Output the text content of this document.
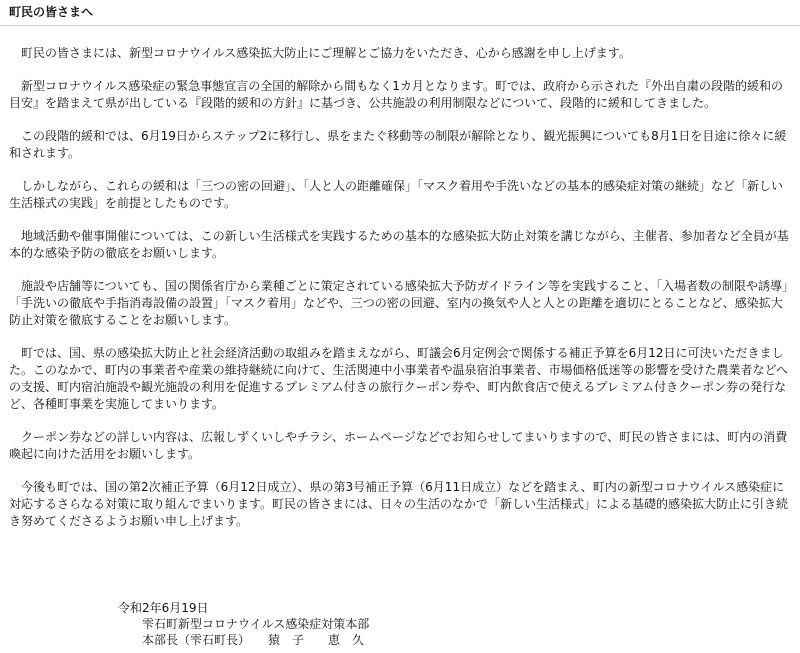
町民の皆さまへ

町民の皆さまには、新型コロナウイルス感染拡大防止にご理解とご協力をいただき、心から感謝を申し上げます。

新型コロナウイルス感染症の緊急事態宣言の全国的解除から間もなく1カ月となります。町では、政府から示された『外出自粛の段階的緩和の目安』を踏まえて県が出している『段階的緩和の方針』に基づき、公共施設の利用制限などについて、段階的に緩和してきました。

この段階的緩和では、6月19日からステップ2に移行し、県をまたぐ移動等の制限が解除となり、観光振興についても8月1日を目途に徐々に緩和されます。

しかしながら、これらの緩和は「三つの密の回避」、「人と人の距離確保」「マスク着用や手洗いなどの基本的感染症対策の継続」など「新しい生活様式の実践」を前提としたものです。

地域活動や催事開催については、この新しい生活様式を実践するための基本的な感染拡大防止対策を講じながら、主催者、参加者など全員が基本的な感染予防の徹底をお願いします。

施設や店舗等についても、国の関係省庁から業種ごとに策定されている感染拡大予防ガイドライン等を実践すること、「入場者数の制限や誘導」「手洗いの徹底や手指消毒設備の設置」「マスク着用」などや、三つの密の回避、室内の換気や人と人との距離を適切にとることなど、感染拡大防止対策を徹底することをお願いします。

町では、国、県の感染拡大防止と社会経済活動の取組みを踏まえながら、町議会6月定例会で関係する補正予算を6月12日に可決いただきました。このなかで、町内の事業者や産業の維持継続に向けて、生活関連中小事業者や温泉宿泊事業者、市場価格低迷等の影響を受けた農業者などへの支援、町内宿泊施設や観光施設の利用を促進するプレミアム付きの旅行クーポン券や、町内飲食店で使えるプレミアム付きクーポン券の発行など、各種町事業を実施してまいります。

クーポン券などの詳しい内容は、広報しずくいしやチラシ、ホームページなどでお知らせしてまいりますので、町民の皆さまには、町内の消費喚起に向けた活用をお願いします。

今後も町では、国の第2次補正予算（6月12日成立）、県の第3号補正予算（6月11日成立）などを踏まえ、町内の新型コロナウイルス感染症に対応するさらなる対策に取り組んでまいります。町民の皆さまには、日々の生活のなかで「新しい生活様式」による基礎的感染拡大防止に引き続き努めてくださるようお願い申し上げます。

令和2年6月19日
雫石町新型コロナウイルス感染症対策本部
本部長（雫石町長）　　猿　子　　恵　久
